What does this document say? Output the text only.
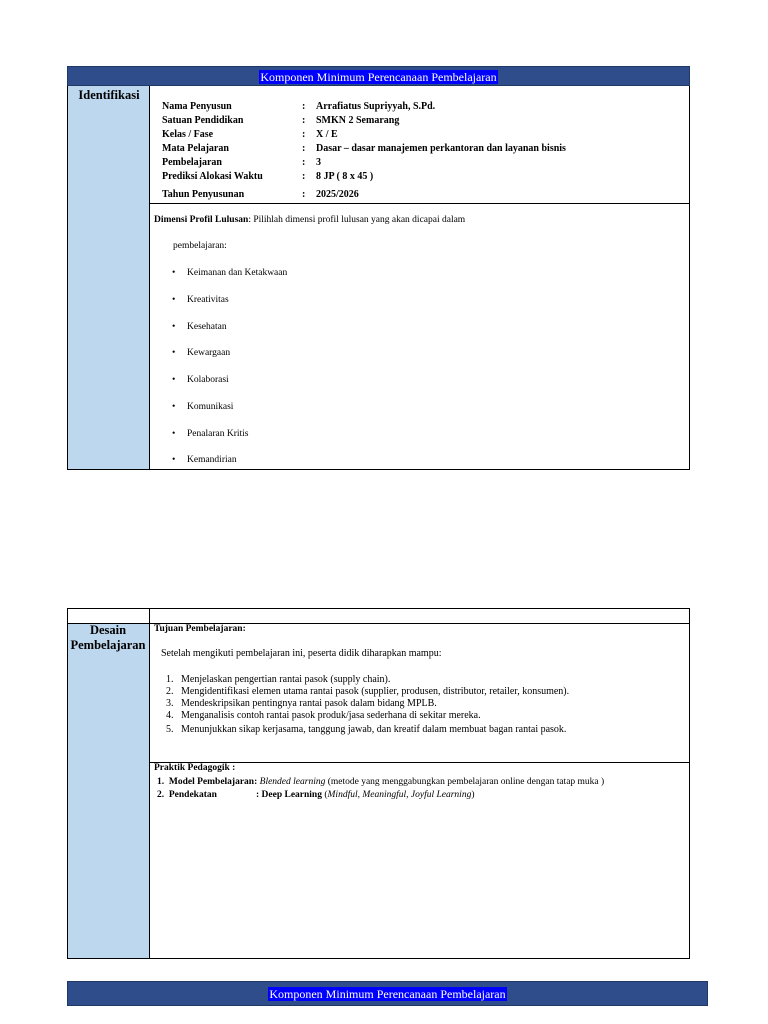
Komponen Minimum Perencanaan Pembelajaran
Identifikasi
Nama Penyusun	: Arrafiatus Supriyyah, S.Pd.
Satuan Pendidikan	: SMKN 2 Semarang
Kelas / Fase	: X / E
Mata Pelajaran	: Dasar – dasar manajemen perkantoran dan layanan bisnis
Pembelajaran	: 3
Prediksi Alokasi Waktu	: 8 JP ( 8 x 45 )
Tahun Penyusunan	: 2025/2026
Dimensi Profil Lulusan: Pilihlah dimensi profil lulusan yang akan dicapai dalam
pembelajaran:
• Keimanan dan Ketakwaan
• Kreativitas
• Kesehatan
• Kewargaan
• Kolaborasi
• Komunikasi
• Penalaran Kritis
• Kemandirian
Desain
Pembelajaran
Tujuan Pembelajaran:
Setelah mengikuti pembelajaran ini, peserta didik diharapkan mampu:
1. Menjelaskan pengertian rantai pasok (supply chain).
2. Mengidentifikasi elemen utama rantai pasok (supplier, produsen, distributor, retailer, konsumen).
3. Mendeskripsikan pentingnya rantai pasok dalam bidang MPLB.
4. Menganalisis contoh rantai pasok produk/jasa sederhana di sekitar mereka.
5. Menunjukkan sikap kerjasama, tanggung jawab, dan kreatif dalam membuat bagan rantai pasok.
Praktik Pedagogik :
1. Model Pembelajaran: Blended learning (metode yang menggabungkan pembelajaran online dengan tatap muka )
2. Pendekatan	: Deep Learning (Mindful, Meaningful, Joyful Learning)
Komponen Minimum Perencanaan Pembelajaran
